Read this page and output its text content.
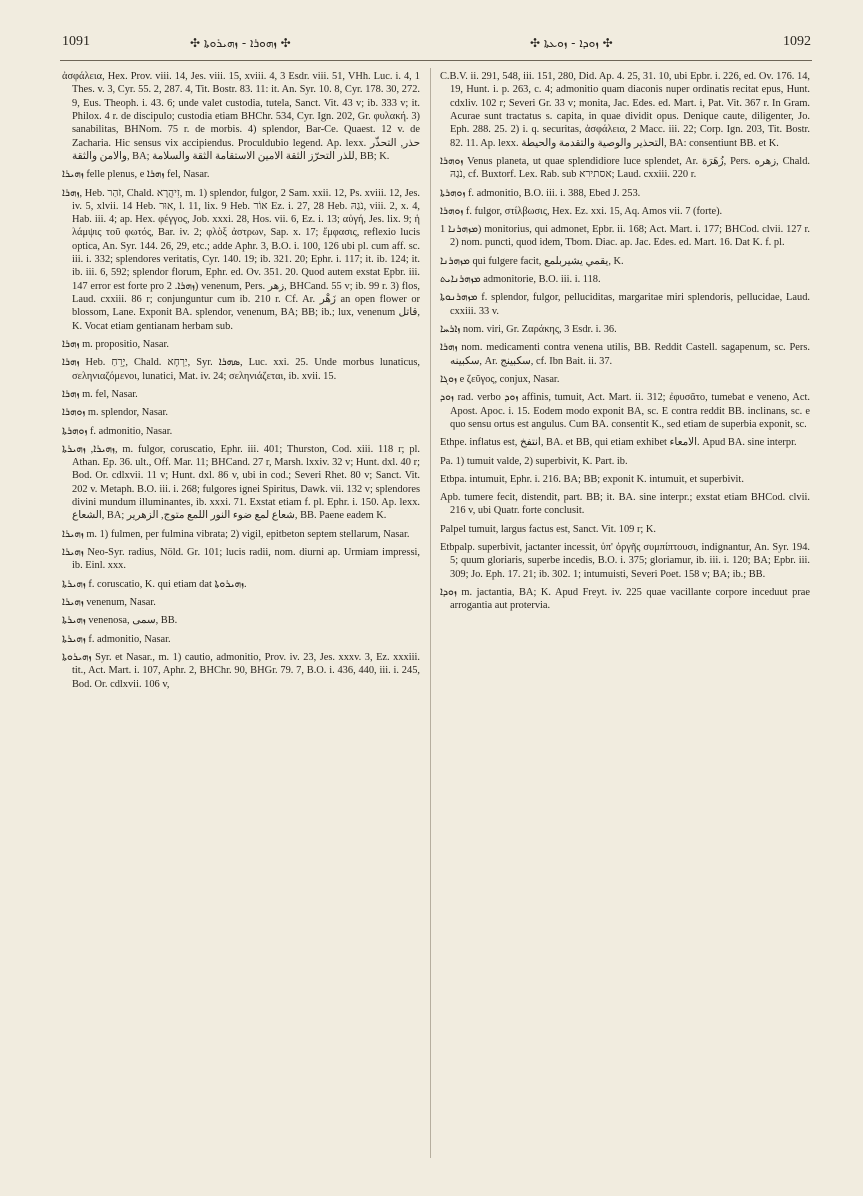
1091	✣ ܙܗܘܪܐ - ܙܗܝܪܘܬܐ ✣	✣ ܙܘܕܐ - ܙܘܥܬܐ ✣	1092

ἀσφάλεια, Hex. Prov. viii. 14, Jes. viii. 15, xviii. 4, 3 Esdr. viii. 51, VHh. Luc. i. 4, 1 Thes. v. 3, Cyr. 55. 2, 287. 4, Tit. Bostr. 83. 11: it. An. Syr. 10. 8, Cyr. 178. 30, 272. 9, Eus. Theoph. i. 43. 6; unde valet custodia, tutela, Sanct. Vit. 43 v; ib. 333 v; it. Philox. 4 r. de discipulo; custodia etiam BHChr. 534, Cyr. Ign. 202, Gr. φυλακή. 3) sanabilitas, BHNom. 75 r. de morbis. 4) splendor, Bar-Ce. Quaest. 12 v. de Zacharia. Hic sensus vix accipiendus. Proculdubio legend. Ap. lexx. حذر, التحذّر والامن والثقة, BA; للذر التحرّز الثقة الامين الاستقامة الثقة والسلامة, BB; K.

ܙܗܝܪܐ felle plenus, e ܙܗܪܐ fel, Nasar.

ܙܗܪܐ, Heb. זֹהַר, Chald. זִיהֲרָא, m. 1) splendor, fulgor, 2 Sam. xxii. 12, Ps. xviii. 12, Jes. iv. 5, xlvii. 14 Heb. אוּר, l. 11, lix. 9 Heb. אוֹר Ez. i. 27, 28 Heb. נֹגַהּ, viii. 2, x. 4, Hab. iii. 4; ap. Hex. φέγγος, Job. xxxi. 28, Hos. vii. 6, Ez. i. 13; αὐγή, Jes. lix. 9; ἡ λάμψις τοῦ φωτός, Bar. iv. 2; φλὸξ ἀστρων, Sap. x. 17; ἔμφασις, reflexio lucis optica, An. Syr. 144. 26, 29, etc.; adde Aphr. 3, B.O. i. 100, 126 ubi pl. cum aff. sc. iii. i. 332; splendores veritatis, Cyr. 140. 19; ib. 321. 20; Ephr. i. 117; it. ib. 124; it. ib. iii. 6, 592; splendor florum, Ephr. ed. Ov. 351. 20. Quod autem exstat Epbr. iii. 147 error est forte pro ܙܗܪܐ. 2) venenum, Pers. زهر, BHCand. 55 v; ib. 99 r. 3) flos, Laud. cxxiii. 86 r; conjunguntur cum ib. 210 r. Cf. Ar. زَهْر an open flower or blossom, Lane. Exponit BA. splendor, venenum, BA; BB; ib.; lux, venenum قاتل, K. Vocat etiam gentianam herbam sub.

ܙܗܪܐ m. propositio, Nasar.

ܙܗܪܐ Heb. יָרֵחַ, Chald. יַרְחָא, Syr. ܣܗܪܐ, Luc. xxi. 25. Unde morbus lunaticus, σεληνιαζόμενοι, lunatici, Mat. iv. 24; σεληνιάζεται, ib. xvii. 15.

ܙܗܪܐ m. fel, Nasar.

ܙܘܗܪܐ m. splendor, Nasar.

ܙܘܗܪܬܐ f. admonitio, Nasar.

ܙܗܝܪܐ, ܙܗܝܪܬܐ, m. fulgor, coruscatio, Ephr. iii. 401; Thurston, Cod. xiii. 118 r; pl. Athan. Ep. 36. ult., Off. Mar. 11; BHCand. 27 r, Marsh. lxxiv. 32 v; Hunt. dxl. 40 r; Bod. Or. cdlxvii. 11 v; Hunt. dxl. 86 v, ubi in cod.; Severi Rhet. 80 v; Sanct. Vit. 202 v. Metaph. B.O. iii. i. 268; fulgores ignei Spiritus, Dawk. vii. 132 v; splendores divini mundum illuminantes, ib. xxxi. 71. Exstat etiam f. pl. Ephr. i. 150. Ap. lexx. الشعاع, BA; شعاع لمع ضوء النور اللمع متوج, الزهرير, BB. Paene eadem K.

ܙܗܝܪܐ m. 1) fulmen, per fulmina vibrata; 2) vigil, epitbeton septem stellarum, Nasar.

ܙܗܝܪܐ Neo-Syr. radius, Nöld. Gr. 101; lucis radii, nom. diurni ap. Urmiam impressi, ib. Einl. xxx.

ܙܗܝܪܬܐ f. coruscatio, K. qui etiam dat ܙܗܝܪܘܬܐ.

ܙܗܝܪܐ venenum, Nasar.

ܙܗܝܪܬܐ venenosa, سمى, BB.

ܙܗܝܪܬܐ f. admonitio, Nasar.

ܙܗܝܪܘܬܐ Syr. et Nasar., m. 1) cautio, admonitio, Prov. iv. 23, Jes. xxxv. 3, Ez. xxxiii. tit., Act. Mart. i. 107, Aphr. 2, BHChr. 90, BHGr. 79. 7, B.O. i. 436, 440, iii. i. 245, Bod. Or. cdlxvii. 106 v,

C.B.V. ii. 291, 548, iii. 151, 280, Did. Ap. 4. 25, 31. 10, ubi Epbr. i. 226, ed. Ov. 176. 14, 19, Hunt. i. p. 263, c. 4; admonitio quam diaconis nuper ordinatis recitat epus, Hunt. cdxliv. 102 r; Severi Gr. 33 v; monita, Jac. Edes. ed. Mart. i, Pat. Vit. 367 r. In Gram. Acurae sunt tractatus s. capita, in quae dividit opus. Denique caute, diligenter, Jo. Eph. 288. 25. 2) i. q. securitas, ἀσφάλεια, 2 Macc. iii. 22; Corp. Ign. 203, Tit. Bostr. 82. 11. Ap. lexx. التحذير والوصية والتقدمة والحيطة, BA: consentiunt BB. et K.

ܙܘܗܪܐ Venus planeta, ut quae splendidiore luce splendet, Ar. زُهَرَة, Pers. زهره, Chald. נֹגַהּ, cf. Buxtorf. Lex. Rab. sub אסתירא; Laud. cxxiii. 220 r.

ܙܘܗܪܬܐ f. admonitio, B.O. iii. i. 388, Ebed J. 253.

ܙܘܗܪܐ f. fulgor, στίλβωσις, Hex. Ez. xxi. 15, Aq. Amos vii. 7 (forte).

ܡܙܗܪܢܐ 1) monitorius, qui admonet, Epbr. ii. 168; Act. Mart. i. 177; BHCod. clvii. 127 r. 2) nom. puncti, quod idem, Tbom. Diac. ap. Jac. Edes. ed. Mart. 16. Dat K. f. pl.

ܡܙܗܪܢܐ qui fulgere facit, يقمي يشيربلمع, K.

ܡܙܗܪܢܐܝܬ admonitorie, B.O. iii. i. 118.

ܡܙܗܪܢܘܬܐ f. splendor, fulgor, pelluciditas, margaritae miri splendoris, pellucidae, Laud. cxxiii. 33 v.

ܙܐܪܚܐ nom. viri, Gr. Ζαράκης, 3 Esdr. i. 36.

ܙܗܪܐ nom. medicamenti contra venena utilis, BB. Reddit Castell. sagapenum, sc. Pers. سكبينه, Ar. سكبينج, cf. Ibn Bait. ii. 37.

ܙܘܓܐ e ζεῦγος, conjux, Nasar.

ܙܘܕ rad. verbo ܙܘܕ affinis, tumuit, Act. Mart. ii. 312; ἐφυσᾶτο, tumebat e veneno, Act. Apost. Apoc. i. 15. Eodem modo exponit BA, sc. E contra reddit BB. inclinans, sc. e quo sensu ortus est angulus. Cum BA. consentit K., sed etiam de superbia exponit, sc.

Ethpe. inflatus est, انتفخ, BA. et BB, qui etiam exhibet الامعاء. Apud BA. sine interpr.

Pa. 1) tumuit valde, 2) superbivit, K. Part. ib.

Etbpa. intumuit, Ephr. i. 216. BA; BB; exponit K. intumuit, et superbivit.

Apb. tumere fecit, distendit, part. BB; it. BA. sine interpr.; exstat etiam BHCod. clvii. 216 v, ubi Quatr. forte conclusit.

Palpel tumuit, largus factus est, Sanct. Vit. 109 r; K.

Etbpalp. superbivit, jactanter incessit, ὑπ' ὀργῆς συμπίπτουσι, indignantur, An. Syr. 194. 5; quum gloriaris, superbe incedis, B.O. i. 375; gloriamur, ib. iii. i. 120; BA; Epbr. iii. 309; Jo. Eph. 17. 21; ib. 302. 1; intumuisti, Severi Poet. 158 v; BA; ib.; BB.

ܙܘܕܐ m. jactantia, BA; K. Apud Freyt. iv. 225 quae vacillante corpore inceduut prae arrogantia aut protervia.
